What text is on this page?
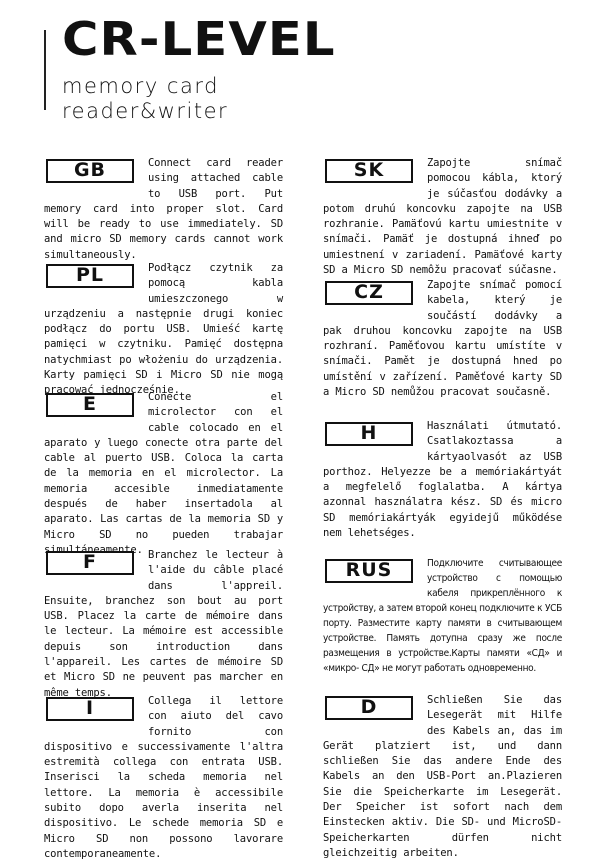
CR-LEVEL
memory card
reader&writer
GB	Connect card reader using attached cable to USB port. Put memory card into proper slot. Card will be ready to use immediately. SD and micro SD memory cards cannot work simultaneously.

PL	Podłącz czytnik za pomocą kabla umieszczonego w urządzeniu a następnie drugi koniec podłącz do portu USB. Umieść kartę pamięci w czytniku. Pamięć dostępna natychmiast po włożeniu do urządzenia. Karty pamięci SD i Micro SD nie mogą pracować jednocześnie.

E	Conecte el microlector con el cable colocado en el aparato y luego conecte otra parte del cable al puerto USB. Coloca la carta de la memoria en el microlector. La memoria accesible inmediatamente después de haber insertadola al aparato. Las cartas de la memoria SD y Micro SD no pueden trabajar simultáneamente.

F	Branchez le lecteur à l'aide du câble placé dans l'appreil. Ensuite, branchez son bout au port USB. Placez la carte de mémoire dans le lecteur. La mémoire est accessible depuis son introduction dans l'appareil. Les cartes de mémoire SD et Micro SD ne peuvent pas marcher en même temps.

I	Collega il lettore con aiuto del cavo fornito con dispositivo e successivamente l'altra estremità collega con entrata USB. Inserisci la scheda memoria nel lettore. La memoria è accessibile subito dopo averla inserita nel dispositivo. Le schede memoria SD e Micro SD non possono lavorare contemporaneamente.

SK	Zapojte snímač pomocou kábla, ktorý je súčasťou dodávky a potom druhú koncovku zapojte na USB rozhranie. Pamäťovú kartu umiestnite v snímači. Pamäť je dostupná ihneď po umiestnení v zariadení. Pamäťové karty SD a Micro SD nemôžu pracovať súčasne.

CZ	Zapojte snímač pomocí kabela, který je součástí dodávky a pak druhou koncovku zapojte na USB rozhraní. Paměťovou kartu umístíte v snímači. Pamět je dostupná hned po umístění v zařízení. Paměťové karty SD a Micro SD nemůžou pracovat současně.

H	Használati útmutató. Csatlakoztassa a kártyaolvasót az USB porthoz. Helyezze be a memóriakártyát a megfelelő foglalatba. A kártya azonnal használatra kész. SD és micro SD memóriakártyák egyidejű működése nem lehetséges.

RUS	Подключите считывающее устройство с помощью кабеля прикреплённого к устройству, а затем второй конец подключите к УСБ порту. Разместите карту памяти в считывающем устройстве. Память дотупна сразу же после размещения в устройстве.Карты памяти «СД» и «микро- СД» не могут работать одновременно.

D	Schließen Sie das Lesegerät mit Hilfe des Kabels an, das im Gerät platziert ist, und dann schließen Sie das andere Ende des Kabels an den USB-Port an.Plazieren Sie die Speicherkarte im Lesegerät. Der Speicher ist sofort nach dem Einstecken aktiv. Die SD- und MicroSD-Speicherkarten dürfen nicht gleichzeitig arbeiten.
